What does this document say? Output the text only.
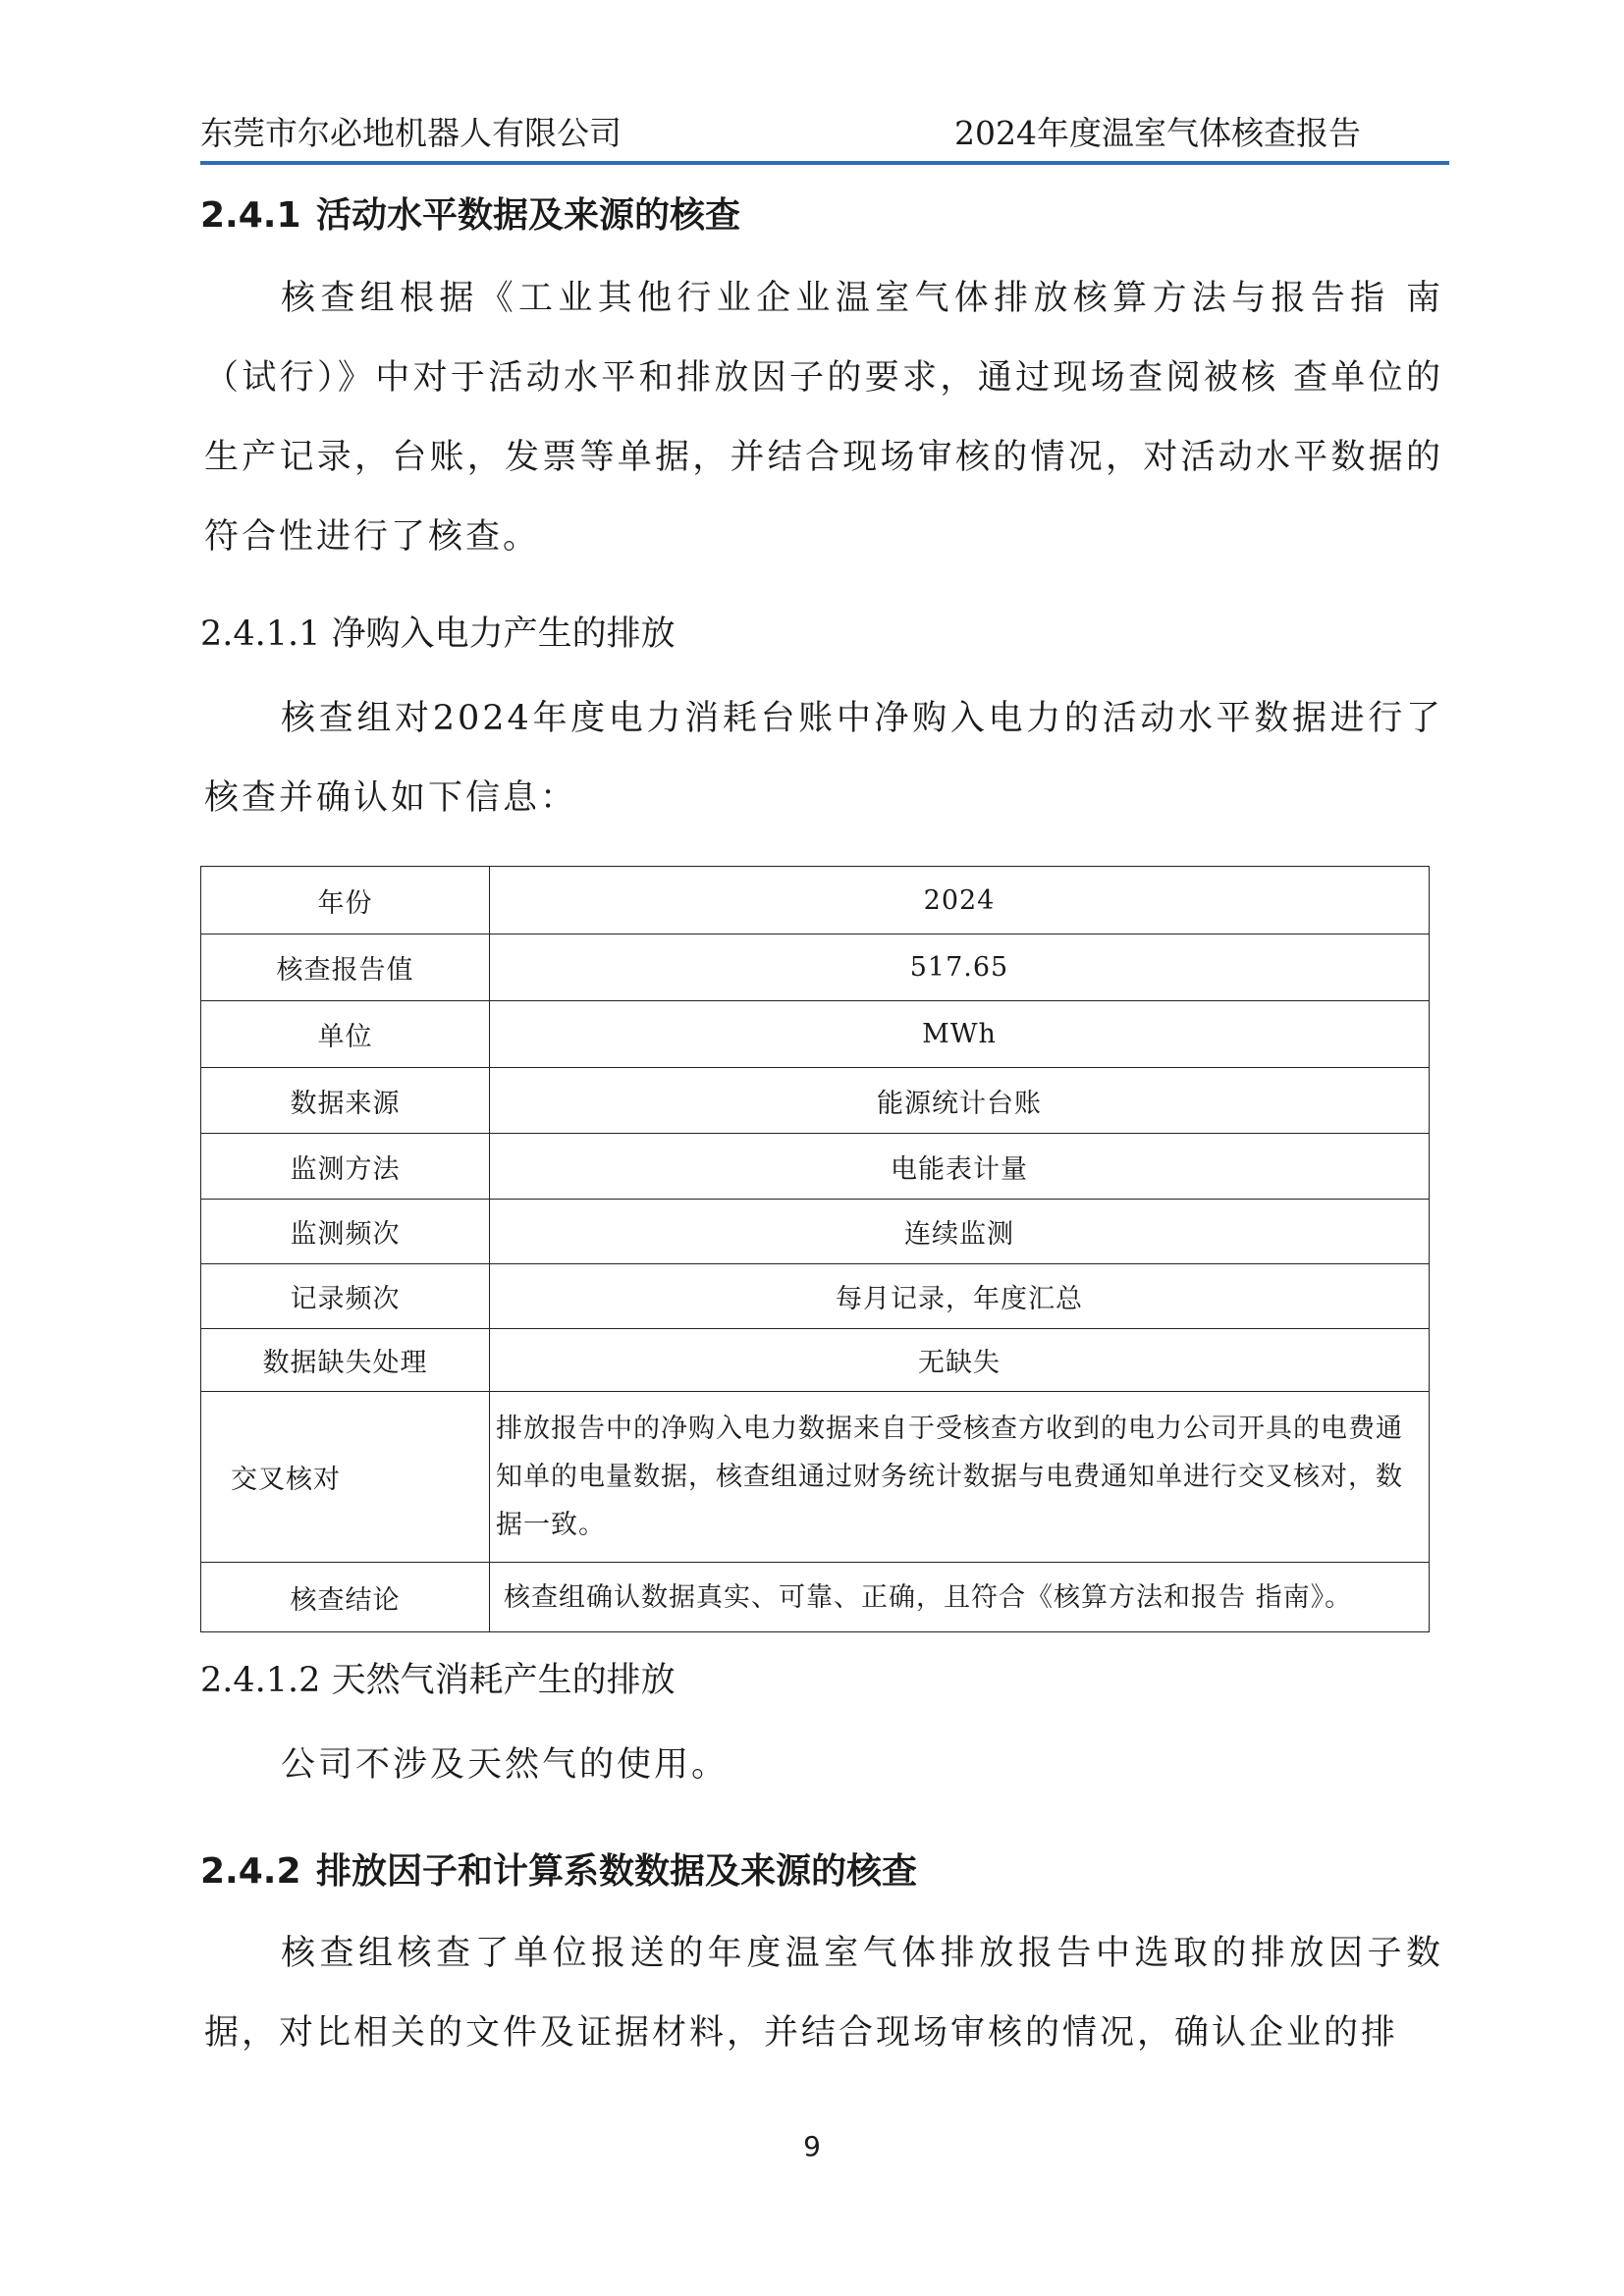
东莞市尔必地机器人有限公司	2024年度温室气体核查报告
2.4.1 活动水平数据及来源的核查
核查组根据《工业其他行业企业温室气体排放核算方法与报告指 南（试行）》中对于活动水平和排放因子的要求，通过现场查阅被核 查单位的生产记录，台账，发票等单据，并结合现场审核的情况，对活动水平数据的符合性进行了核查。
2.4.1.1 净购入电力产生的排放
核查组对2024年度电力消耗台账中净购入电力的活动水平数据进行了核查并确认如下信息：
年份	2024
核查报告值	517.65
单位	MWh
数据来源	能源统计台账
监测方法	电能表计量
监测频次	连续监测
记录频次	每月记录，年度汇总
数据缺失处理	无缺失
交叉核对	排放报告中的净购入电力数据来自于受核查方收到的电力公司开具的电费通知单的电量数据，核查组通过财务统计数据与电费通知单进行交叉核对，数据一致。
核查结论	核查组确认数据真实、可靠、正确，且符合《核算方法和报告 指南》。
2.4.1.2 天然气消耗产生的排放
公司不涉及天然气的使用。
2.4.2 排放因子和计算系数数据及来源的核查
核查组核查了单位报送的年度温室气体排放报告中选取的排放因子数据，对比相关的文件及证据材料，并结合现场审核的情况，确认企业的排
9
